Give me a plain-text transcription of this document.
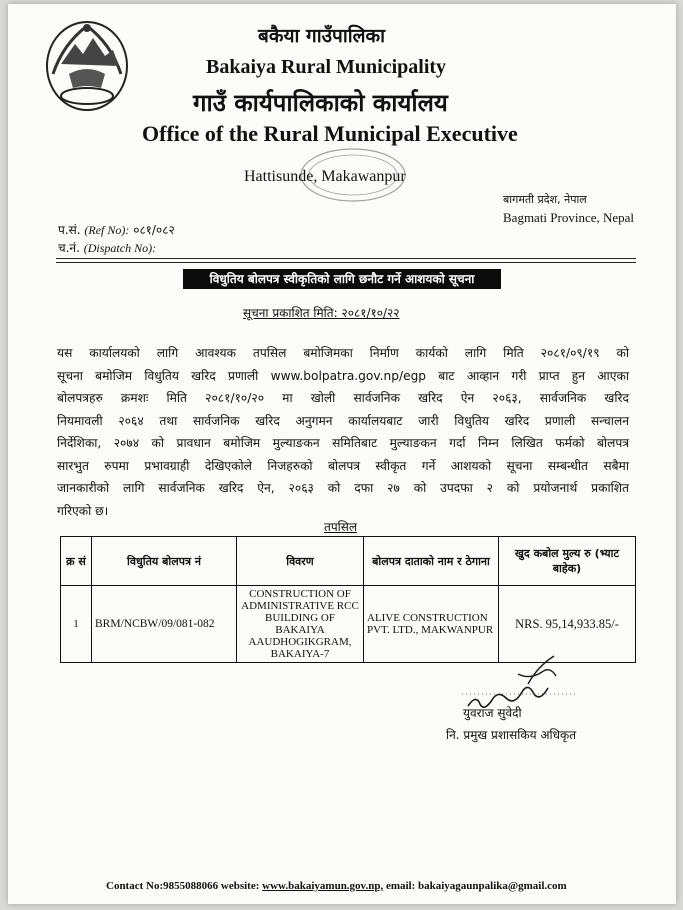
बकैया गाउँपालिका
Bakaiya Rural Municipality
गाउँ कार्यपालिकाको कार्यालय
Office of the Rural Municipal Executive
Hattisunde, Makawanpur
बागमती प्रदेश, नेपाल
Bagmati Province, Nepal
प.सं. (Ref No): ०८१/०८२
च.नं. (Dispatch No):
विधुतिय बोलपत्र स्वीकृतिको लागि छनौट गर्ने आशयको सूचना
सूचना प्रकाशित मिति: २०८१/१०/२२
यस कार्यालयको लागि आवश्यक तपसिल बमोजिमका निर्माण कार्यको लागि मिति २०८१/०९/१९ को
सूचना बमोजिम विधुतिय खरिद प्रणाली www.bolpatra.gov.np/egp बाट आव्हान गरी प्राप्त हुन आएका
बोलपत्रहरु क्रमशः मिति २०८१/१०/२० मा खोली सार्वजनिक खरिद ऐन २०६३, सार्वजनिक खरिद
नियमावली २०६४ तथा सार्वजनिक खरिद अनुगमन कार्यालयबाट जारी विधुतिय खरिद प्रणाली सन्चालन
निर्देशिका, २०७४ को प्रावधान बमोजिम मुल्याङकन समितिबाट मुल्याङकन गर्दा निम्न लिखित फर्मको बोलपत्र
सारभुत रुपमा प्रभावग्राही देखिएकोले निजहरुको बोलपत्र स्वीकृत गर्ने आशयको सूचना सम्बन्धीत सबैमा
जानकारीको लागि सार्वजनिक खरिद ऐन, २०६३ को दफा २७ को उपदफा २ को प्रयोजनार्थ प्रकाशित
गरिएको छ।
तपसिल
क्र सं	विधुतिय बोलपत्र नं	विवरण	बोलपत्र दाताको नाम र ठेगाना	खुद कबोल मुल्य रु (भ्याट बाहेक)
1	BRM/NCBW/09/081-082	CONSTRUCTION OF ADMINISTRATIVE RCC BUILDING OF BAKAIYA AAUDHOGIKGRAM, BAKAIYA-7	ALIVE CONSTRUCTION PVT. LTD., MAKWANPUR	NRS. 95,14,933.85/-
युवराज सुवेदी
नि. प्रमुख प्रशासकिय अधिकृत
Contact No:9855088066 website: www.bakaiyamun.gov.np, email: bakaiyagaunpalika@gmail.com
